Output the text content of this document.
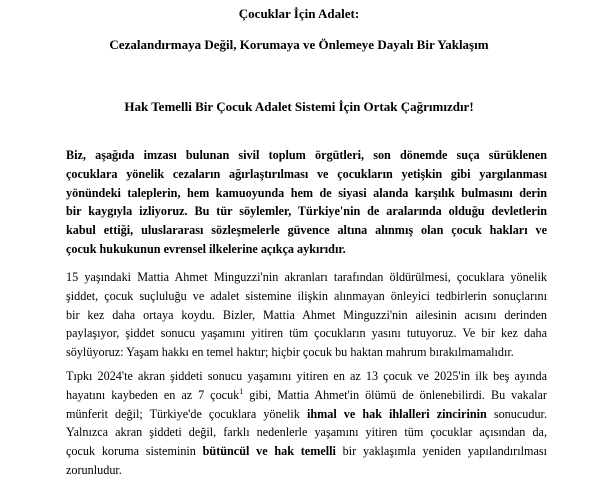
Çocuklar İçin Adalet:
Cezalandırmaya Değil, Korumaya ve Önlemeye Dayalı Bir Yaklaşım
Hak Temelli Bir Çocuk Adalet Sistemi İçin Ortak Çağrımızdır!
Biz, aşağıda imzası bulunan sivil toplum örgütleri, son dönemde suça sürüklenen
çocuklara yönelik cezaların ağırlaştırılması ve çocukların yetişkin gibi yargılanması
yönündeki taleplerin, hem kamuoyunda hem de siyasi alanda karşılık bulmasını derin
bir kaygıyla izliyoruz. Bu tür söylemler, Türkiye'nin de aralarında olduğu devletlerin
kabul ettiği, uluslararası sözleşmelerle güvence altına alınmış olan çocuk hakları ve
çocuk hukukunun evrensel ilkelerine açıkça aykırıdır.
15 yaşındaki Mattia Ahmet Minguzzi'nin akranları tarafından öldürülmesi, çocuklara yönelik
şiddet, çocuk suçluluğu ve adalet sistemine ilişkin alınmayan önleyici tedbirlerin sonuçlarını
bir kez daha ortaya koydu. Bizler, Mattia Ahmet Minguzzi'nin ailesinin acısını derinden
paylaşıyor, şiddet sonucu yaşamını yitiren tüm çocukların yasını tutuyoruz. Ve bir kez daha
söylüyoruz: Yaşam hakkı en temel haktır; hiçbir çocuk bu haktan mahrum bırakılmamalıdır.
Tıpkı 2024'te akran şiddeti sonucu yaşamını yitiren en az 13 çocuk ve 2025'in ilk beş ayında
hayatını kaybeden en az 7 çocuk$^1$ gibi, Mattia Ahmet'in ölümü de önlenebilirdi. Bu vakalar
münferit değil; Türkiye'de çocuklara yönelik ihmal ve hak ihlalleri zincirinin sonucudur.
Yalnızca akran şiddeti değil, farklı nedenlerle yaşamını yitiren tüm çocuklar açısından da,
çocuk koruma sisteminin bütüncül ve hak temelli bir yaklaşımla yeniden yapılandırılması
zorunludur.
